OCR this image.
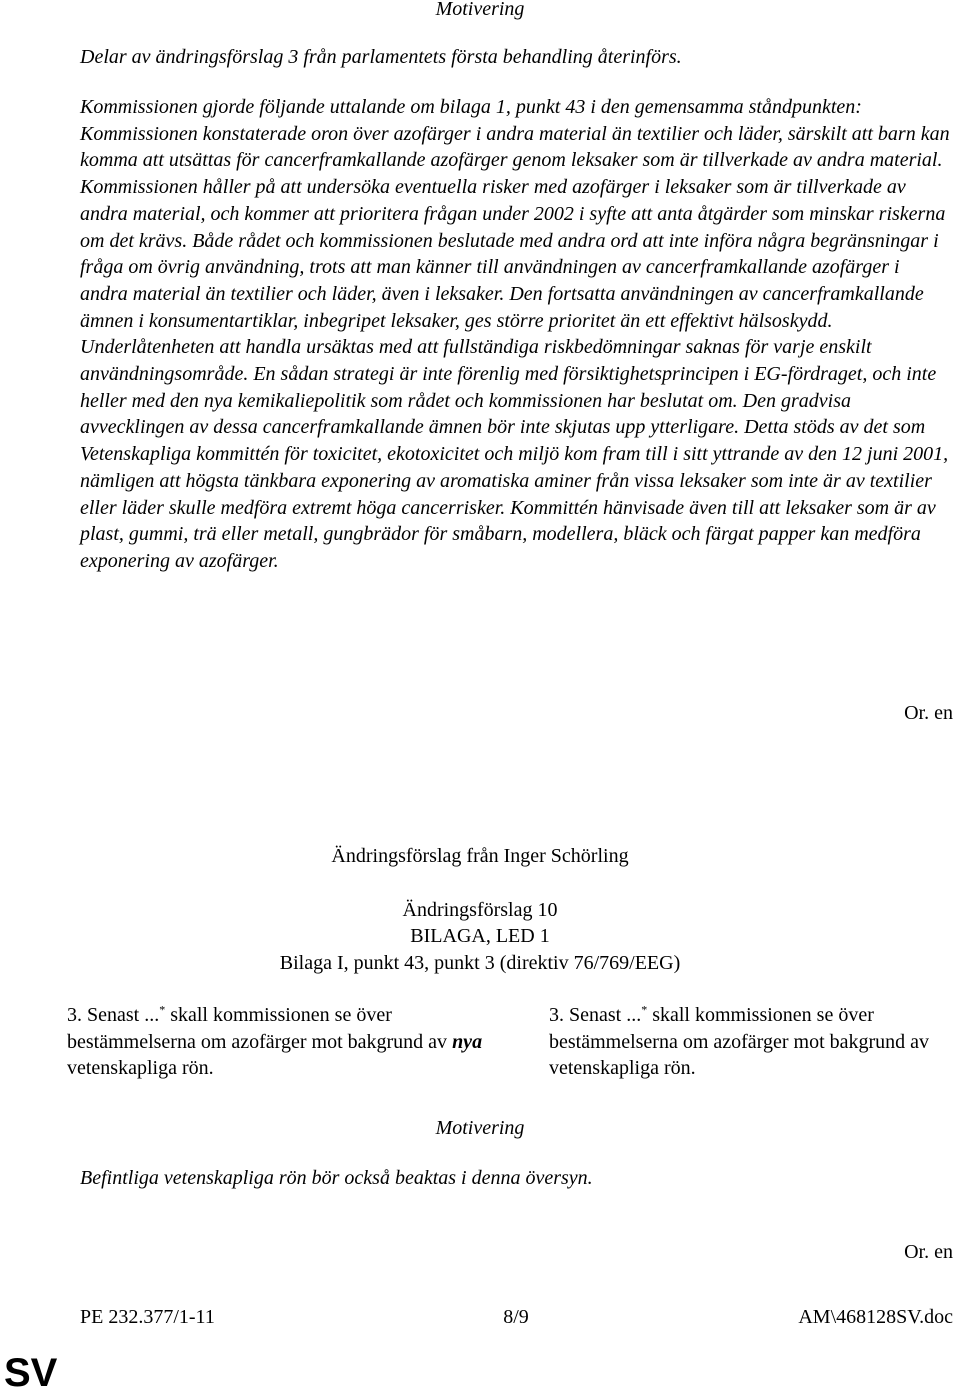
Motivering
Delar av ändringsförslag 3 från parlamentets första behandling återinförs.
Kommissionen gjorde följande uttalande om bilaga 1, punkt 43 i den gemensamma ståndpunkten: Kommissionen konstaterade oron över azofärger i andra material än textilier och läder, särskilt att barn kan komma att utsättas för cancerframkallande azofärger genom leksaker som är tillverkade av andra material. Kommissionen håller på att undersöka eventuella risker med azofärger i leksaker som är tillverkade av andra material, och kommer att prioritera frågan under 2002 i syfte att anta åtgärder som minskar riskerna om det krävs. Både rådet och kommissionen beslutade med andra ord att inte införa några begränsningar i fråga om övrig användning, trots att man känner till användningen av cancerframkallande azofärger i andra material än textilier och läder, även i leksaker. Den fortsatta användningen av cancerframkallande ämnen i konsumentartiklar, inbegripet leksaker, ges större prioritet än ett effektivt hälsoskydd. Underlåtenheten att handla ursäktas med att fullständiga riskbedömningar saknas för varje enskilt användningsområde. En sådan strategi är inte förenlig med försiktighetsprincipen i EG-fördraget, och inte heller med den nya kemikaliepolitik som rådet och kommissionen har beslutat om. Den gradvisa avvecklingen av dessa cancerframkallande ämnen bör inte skjutas upp ytterligare. Detta stöds av det som Vetenskapliga kommittén för toxicitet, ekotoxicitet och miljö kom fram till i sitt yttrande av den 12 juni 2001, nämligen att högsta tänkbara exponering av aromatiska aminer från vissa leksaker som inte är av textilier eller läder skulle medföra extremt höga cancerrisker. Kommittén hänvisade även till att leksaker som är av plast, gummi, trä eller metall, gungbrädor för småbarn, modellera, bläck och färgat papper kan medföra exponering av azofärger.
Or. en
Ändringsförslag från Inger Schörling
Ändringsförslag 10
BILAGA, LED 1
Bilaga I, punkt 43, punkt 3 (direktiv 76/769/EEG)
3. Senast ...* skall kommissionen se över bestämmelserna om azofärger mot bakgrund av nya vetenskapliga rön.
3. Senast ...* skall kommissionen se över bestämmelserna om azofärger mot bakgrund av vetenskapliga rön.
Motivering
Befintliga vetenskapliga rön bör också beaktas i denna översyn.
Or. en
PE 232.377/1-11	8/9	AM\468128SV.doc
SV
